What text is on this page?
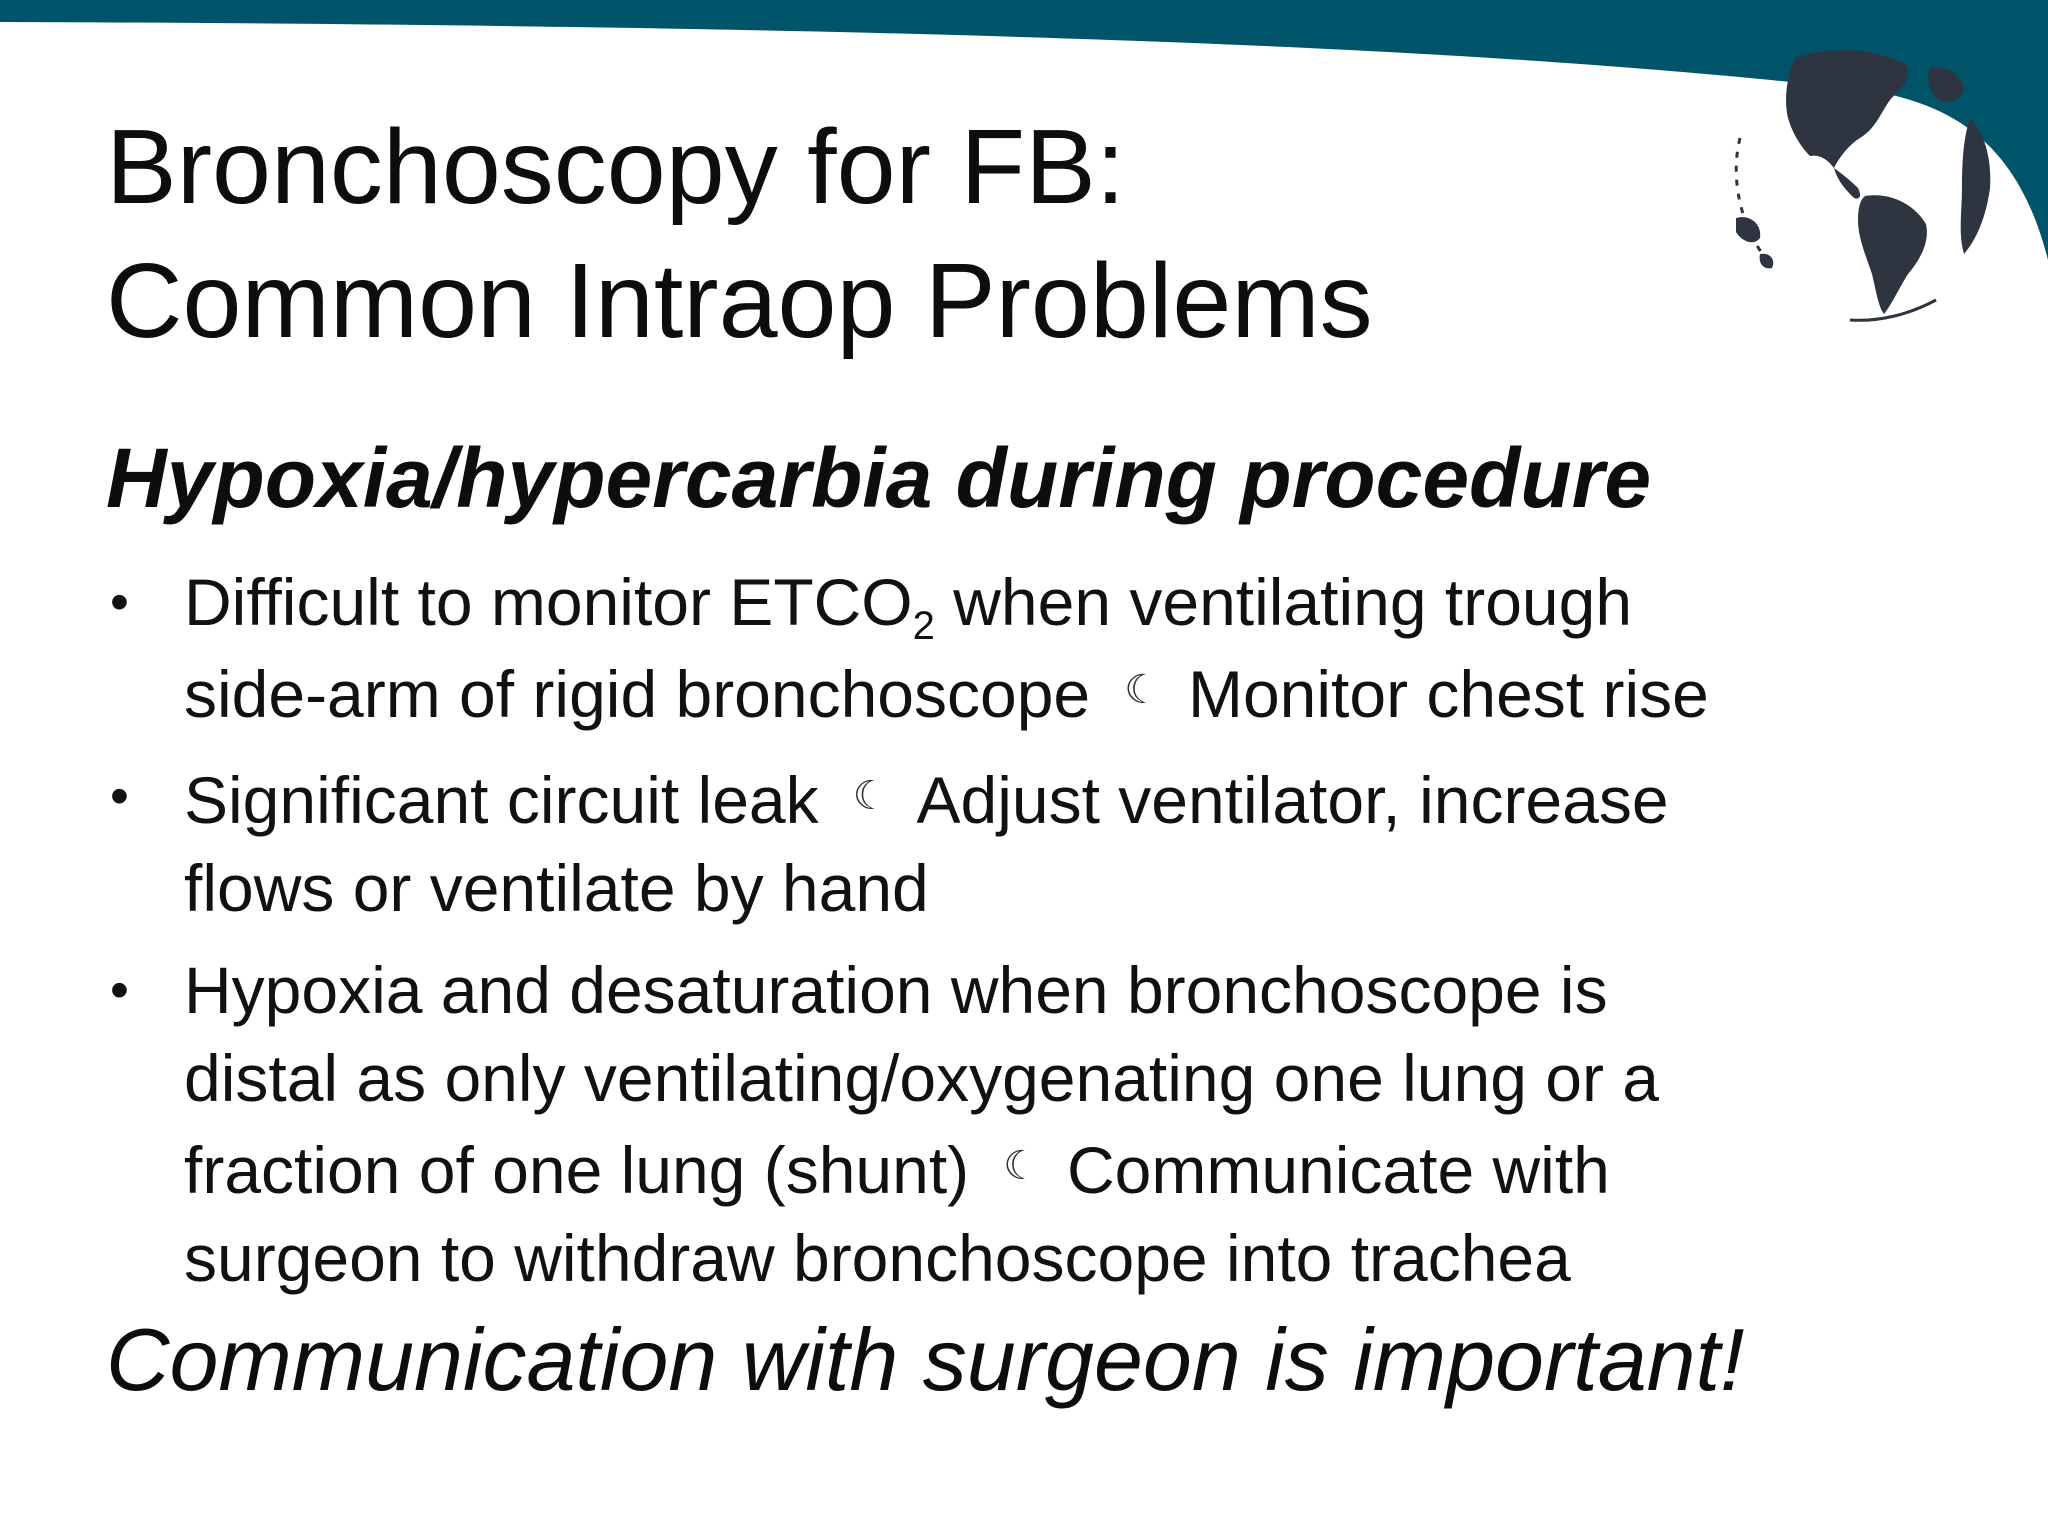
Bronchoscopy for FB:
Common Intraop Problems
Hypoxia/hypercarbia during procedure
• Difficult to monitor $ETCO_2$ when ventilating trough
side-arm of rigid bronchoscope ☾ Monitor chest rise
• Significant circuit leak ☾ Adjust ventilator, increase
flows or ventilate by hand
• Hypoxia and desaturation when bronchoscope is
distal as only ventilating/oxygenating one lung or a
fraction of one lung (shunt) ☾ Communicate with
surgeon to withdraw bronchoscope into trachea

Communication with surgeon is important!
